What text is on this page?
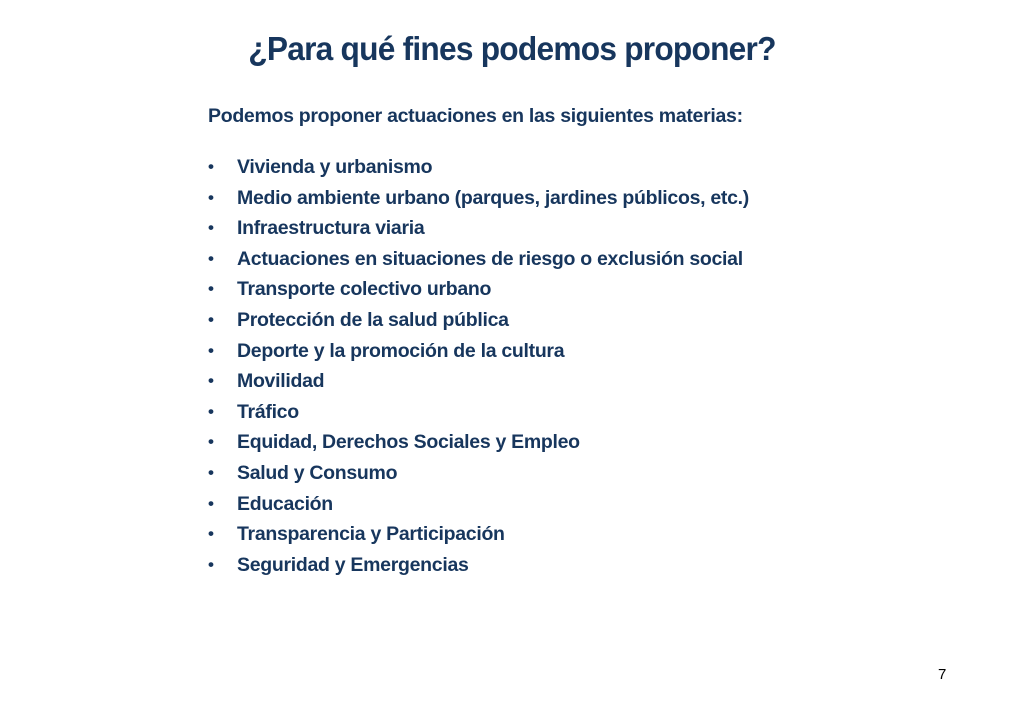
¿Para qué fines podemos proponer?
Podemos proponer actuaciones en las siguientes materias:
•	Vivienda y urbanismo
•	Medio ambiente urbano (parques, jardines públicos, etc.)
•	Infraestructura viaria
•	Actuaciones en situaciones de riesgo o exclusión social
•	Transporte colectivo urbano
•	Protección de la salud pública
•	Deporte y la promoción de la cultura
•	Movilidad
•	Tráfico
•	Equidad, Derechos Sociales y Empleo
•	Salud y Consumo
•	Educación
•	Transparencia y Participación
•	Seguridad y Emergencias
7
